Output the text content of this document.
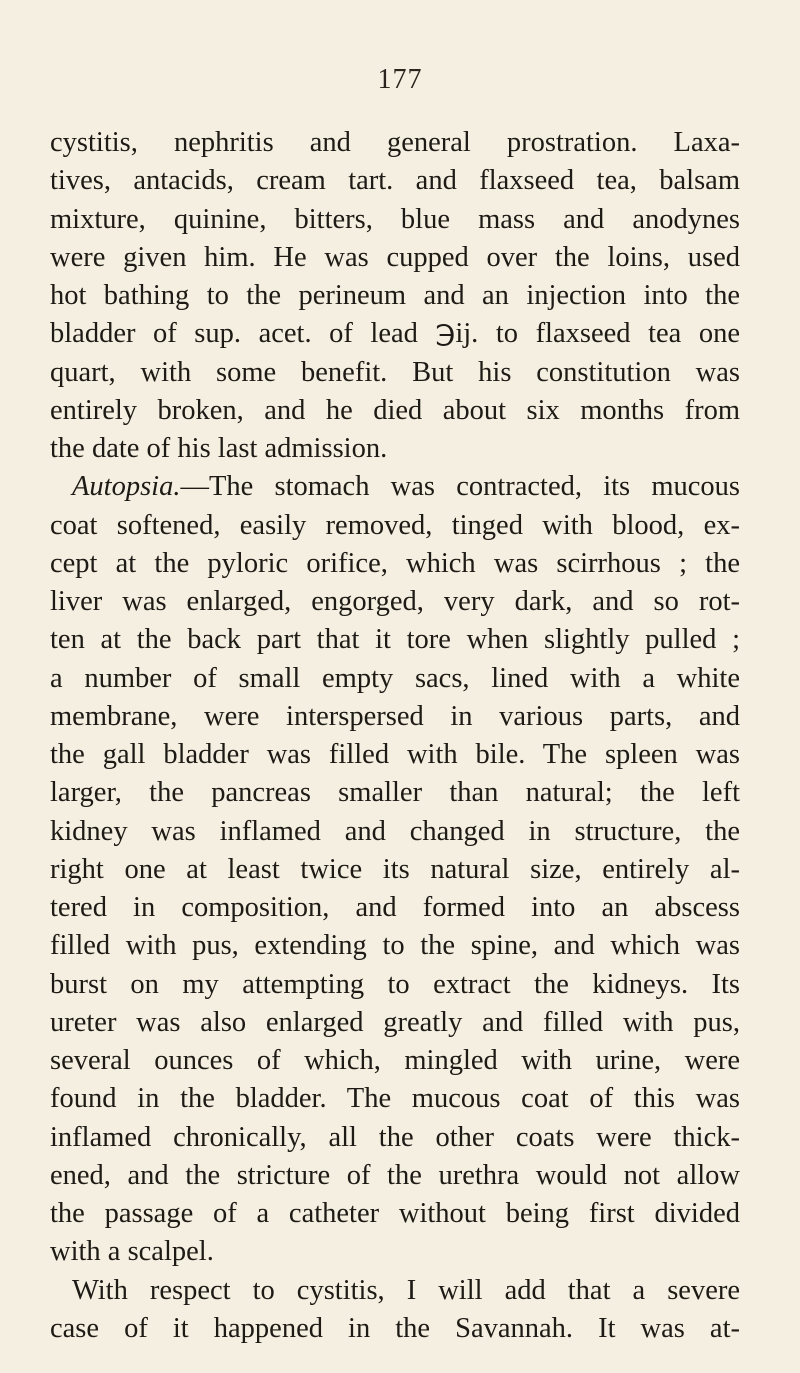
177
cystitis, nephritis and general prostration. Laxa-
tives, antacids, cream tart. and flaxseed tea, balsam
mixture, quinine, bitters, blue mass and anodynes
were given him. He was cupped over the loins, used
hot bathing to the perineum and an injection into the
bladder of sup. acet. of lead ℈ij. to flaxseed tea one
quart, with some benefit. But his constitution was
entirely broken, and he died about six months from
the date of his last admission.
Autopsia.—The stomach was contracted, its mucous
coat softened, easily removed, tinged with blood, ex-
cept at the pyloric orifice, which was scirrhous ; the
liver was enlarged, engorged, very dark, and so rot-
ten at the back part that it tore when slightly pulled ;
a number of small empty sacs, lined with a white
membrane, were interspersed in various parts, and
the gall bladder was filled with bile. The spleen was
larger, the pancreas smaller than natural; the left
kidney was inflamed and changed in structure, the
right one at least twice its natural size, entirely al-
tered in composition, and formed into an abscess
filled with pus, extending to the spine, and which was
burst on my attempting to extract the kidneys. Its
ureter was also enlarged greatly and filled with pus,
several ounces of which, mingled with urine, were
found in the bladder. The mucous coat of this was
inflamed chronically, all the other coats were thick-
ened, and the stricture of the urethra would not allow
the passage of a catheter without being first divided
with a scalpel.
With respect to cystitis, I will add that a severe
case of it happened in the Savannah. It was at-
